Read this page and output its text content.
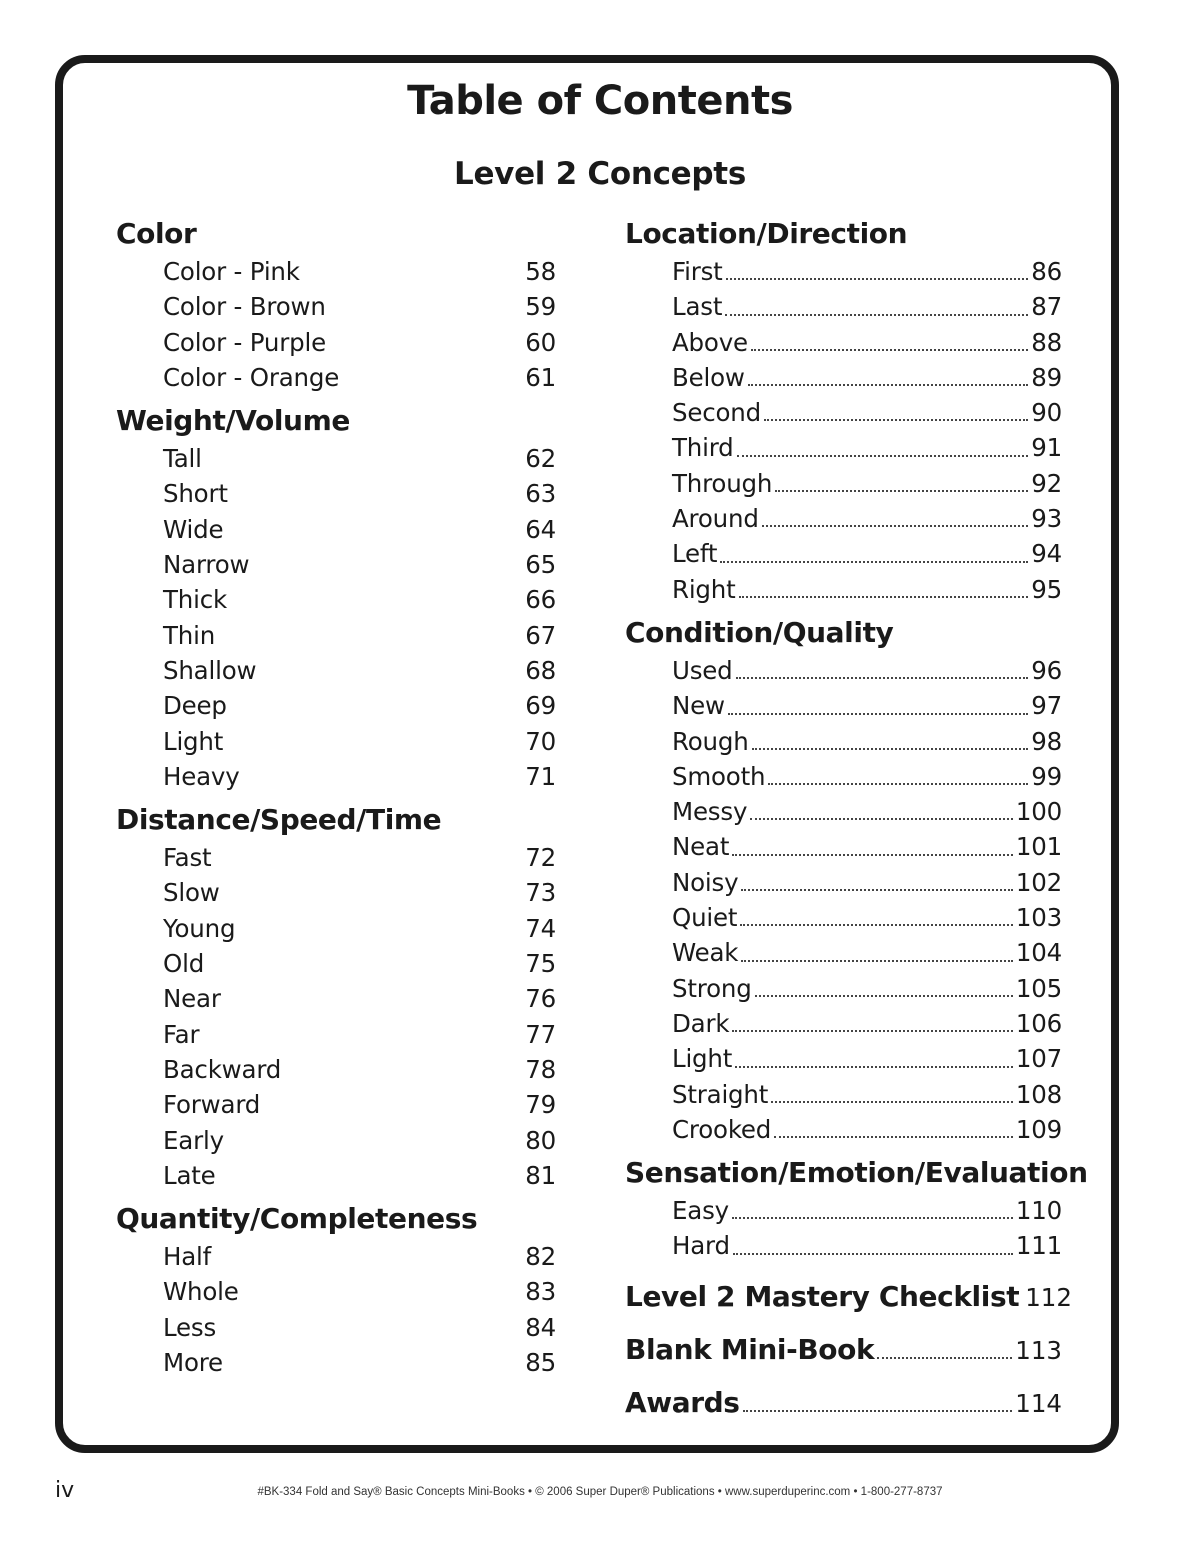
Table of Contents
Level 2 Concepts
Color
Color - Pink	58
Color - Brown	59
Color - Purple	60
Color - Orange	61
Weight/Volume
Tall	62
Short	63
Wide	64
Narrow	65
Thick	66
Thin	67
Shallow	68
Deep	69
Light	70
Heavy	71
Distance/Speed/Time
Fast	72
Slow	73
Young	74
Old	75
Near	76
Far	77
Backward	78
Forward	79
Early	80
Late	81
Quantity/Completeness
Half	82
Whole	83
Less	84
More	85
Location/Direction
First	86
Last	87
Above	88
Below	89
Second	90
Third	91
Through	92
Around	93
Left	94
Right	95
Condition/Quality
Used	96
New	97
Rough	98
Smooth	99
Messy	100
Neat	101
Noisy	102
Quiet	103
Weak	104
Strong	105
Dark	106
Light	107
Straight	108
Crooked	109
Sensation/Emotion/Evaluation
Easy	110
Hard	111
Level 2 Mastery Checklist 112
Blank Mini-Book	113
Awards	114
iv	#BK-334 Fold and Say® Basic Concepts Mini-Books • © 2006 Super Duper® Publications • www.superduperinc.com • 1-800-277-8737
